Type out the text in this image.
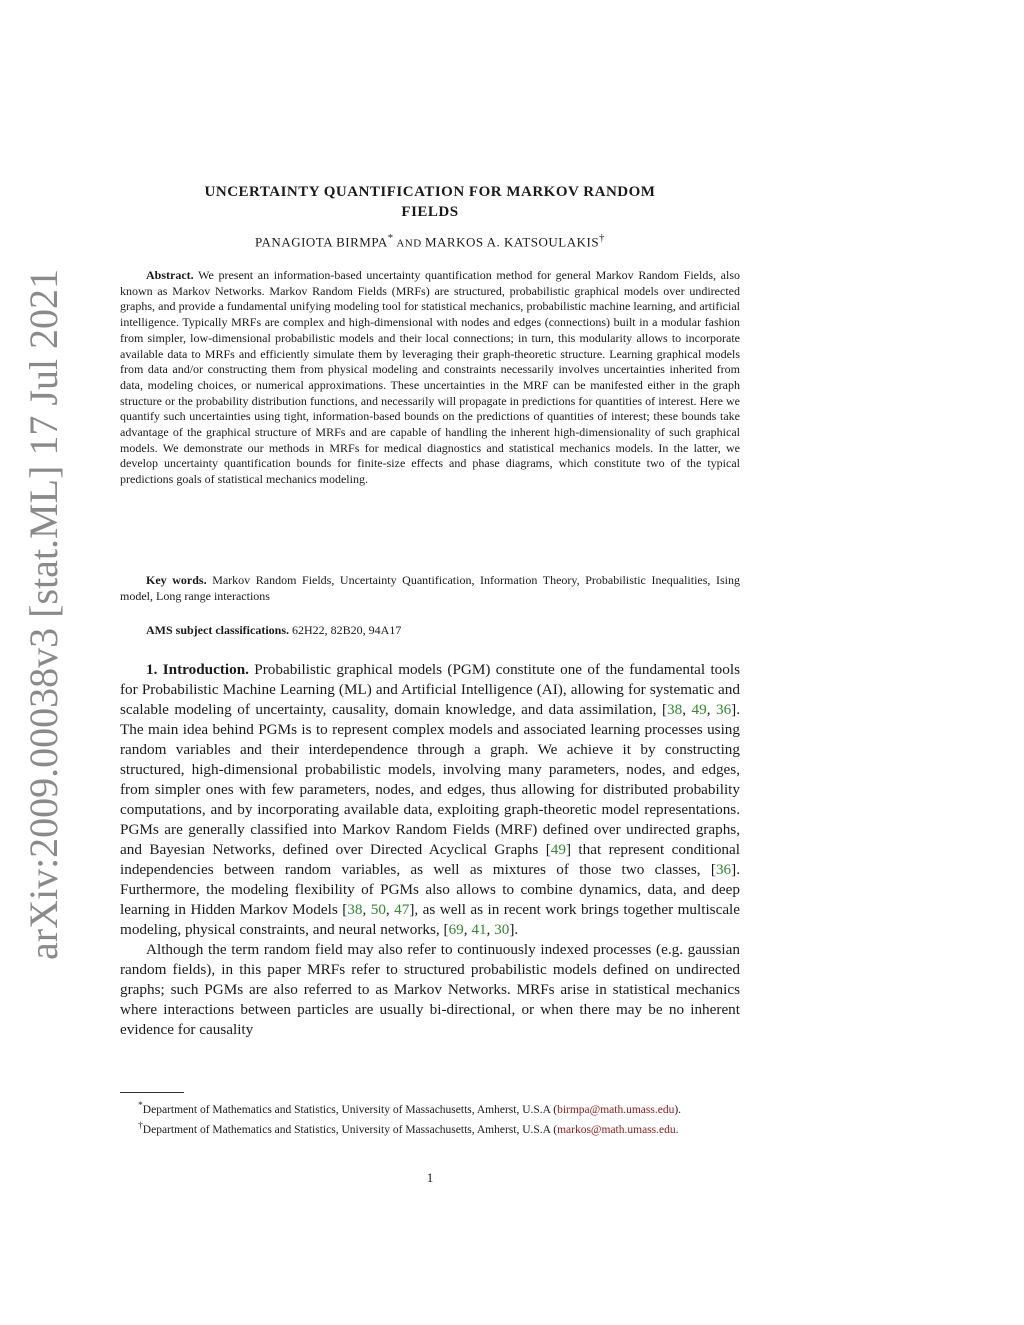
arXiv:2009.00038v3 [stat.ML] 17 Jul 2021
UNCERTAINTY QUANTIFICATION FOR MARKOV RANDOM
FIELDS
PANAGIOTA BIRMPA* AND MARKOS A. KATSOULAKIS†
Abstract. We present an information-based uncertainty quantification method for general Markov Random Fields, also known as Markov Networks. Markov Random Fields (MRFs) are structured, probabilistic graphical models over undirected graphs, and provide a fundamental unifying modeling tool for statistical mechanics, probabilistic machine learning, and artificial intelligence. Typically MRFs are complex and high-dimensional with nodes and edges (connections) built in a modular fashion from simpler, low-dimensional probabilistic models and their local connections; in turn, this modularity allows to incorporate available data to MRFs and efficiently simulate them by leveraging their graph-theoretic structure. Learning graphical models from data and/or constructing them from physical modeling and constraints necessarily involves uncertainties inherited from data, modeling choices, or numerical approximations. These uncertainties in the MRF can be manifested either in the graph structure or the probability distribution functions, and necessarily will propagate in predictions for quantities of interest. Here we quantify such uncertainties using tight, information-based bounds on the predictions of quantities of interest; these bounds take advantage of the graphical structure of MRFs and are capable of handling the inherent high-dimensionality of such graphical models. We demonstrate our methods in MRFs for medical diagnostics and statistical mechanics models. In the latter, we develop uncertainty quantification bounds for finite-size effects and phase diagrams, which constitute two of the typical predictions goals of statistical mechanics modeling.
Key words. Markov Random Fields, Uncertainty Quantification, Information Theory, Probabilistic Inequalities, Ising model, Long range interactions
AMS subject classifications. 62H22, 82B20, 94A17

1. Introduction. Probabilistic graphical models (PGM) constitute one of the fundamental tools for Probabilistic Machine Learning (ML) and Artificial Intelligence (AI), allowing for systematic and scalable modeling of uncertainty, causality, domain knowledge, and data assimilation, [38, 49, 36]. The main idea behind PGMs is to represent complex models and associated learning processes using random variables and their interdependence through a graph. We achieve it by constructing structured, high-dimensional probabilistic models, involving many parameters, nodes, and edges, from simpler ones with few parameters, nodes, and edges, thus allowing for distributed probability computations, and by incorporating available data, exploiting graph-theoretic model representations. PGMs are generally classified into Markov Random Fields (MRF) defined over undirected graphs, and Bayesian Networks, defined over Directed Acyclical Graphs [49] that represent conditional independencies between random variables, as well as mixtures of those two classes, [36]. Furthermore, the modeling flexibility of PGMs also allows to combine dynamics, data, and deep learning in Hidden Markov Models [38, 50, 47], as well as in recent work brings together multiscale modeling, physical constraints, and neural networks, [69, 41, 30].

Although the term random field may also refer to continuously indexed processes (e.g. gaussian random fields), in this paper MRFs refer to structured probabilistic models defined on undirected graphs; such PGMs are also referred to as Markov Networks. MRFs arise in statistical mechanics where interactions between particles are usually bi-directional, or when there may be no inherent evidence for causality

*Department of Mathematics and Statistics, University of Massachusetts, Amherst, U.S.A (birmpa@math.umass.edu).

†Department of Mathematics and Statistics, University of Massachusetts, Amherst, U.S.A (markos@math.umass.edu.

1
